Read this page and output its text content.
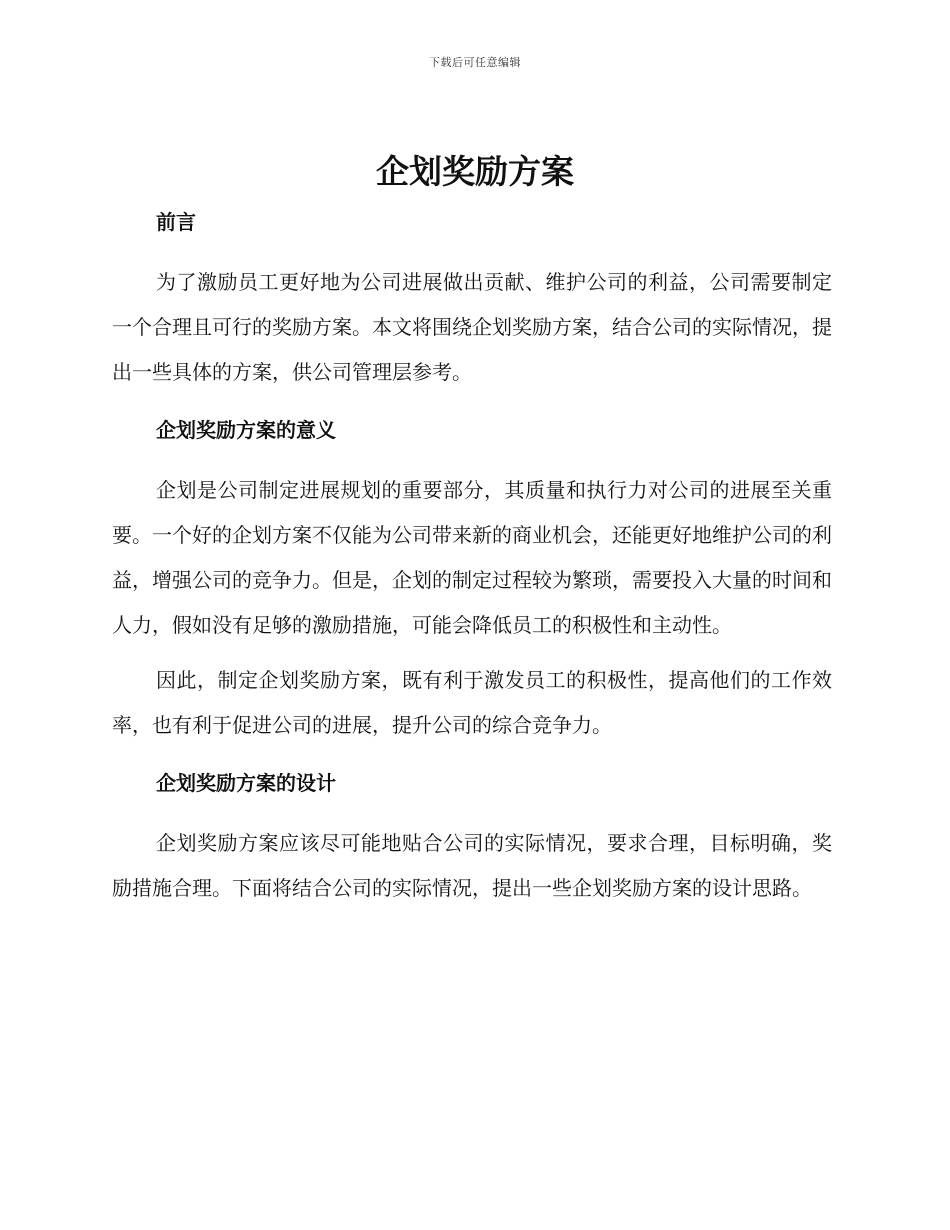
下载后可任意编辑
企划奖励方案
前言

为了激励员工更好地为公司进展做出贡献、维护公司的利益，公司需要制定一个合理且可行的奖励方案。本文将围绕企划奖励方案，结合公司的实际情况，提出一些具体的方案，供公司管理层参考。

企划奖励方案的意义

企划是公司制定进展规划的重要部分，其质量和执行力对公司的进展至关重要。一个好的企划方案不仅能为公司带来新的商业机会，还能更好地维护公司的利益，增强公司的竞争力。但是，企划的制定过程较为繁琐，需要投入大量的时间和人力，假如没有足够的激励措施，可能会降低员工的积极性和主动性。

因此，制定企划奖励方案，既有利于激发员工的积极性，提高他们的工作效率，也有利于促进公司的进展，提升公司的综合竞争力。

企划奖励方案的设计

企划奖励方案应该尽可能地贴合公司的实际情况，要求合理，目标明确，奖励措施合理。下面将结合公司的实际情况，提出一些企划奖励方案的设计思路。
